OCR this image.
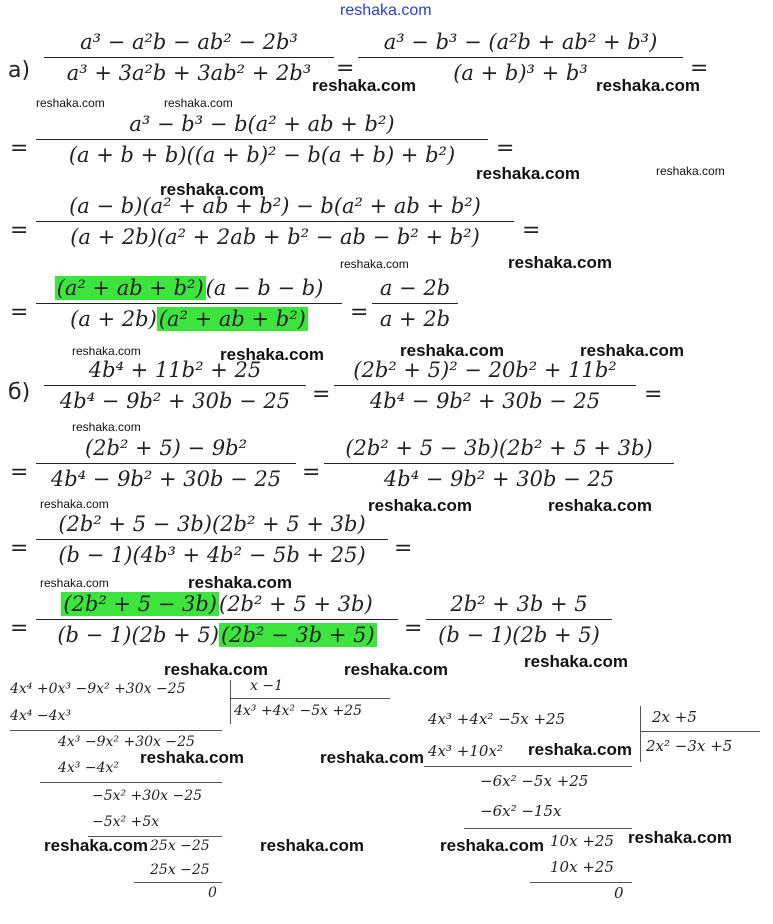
reshaka.com
а)
a³ − a²b − ab² − 2b³
a³ + 3a²b + 3ab² + 2b³	=
a³ − b³ − (a²b + ab² + b³)
(a + b)³ + b³	=
=
a³ − b³ − b(a² + ab + b²)
(a + b + b)((a + b)² − b(a + b) + b²)	=
=
(a − b)(a² + ab + b²) − b(a² + ab + b²)
(a + 2b)(a² + 2ab + b² − ab − b² + b²)	=
=
(a² + ab + b²)(a − b − b)
(a + 2b)(a² + ab + b²)	=
a − 2b
a + 2b
б)
4b⁴ + 11b² + 25
4b⁴ − 9b² + 30b − 25 =
(2b² + 5)² − 20b² + 11b²
4b⁴ − 9b² + 30b − 25	=
=
(2b² + 5) − 9b²
4b⁴ − 9b² + 30b − 25 =
(2b² + 5 − 3b)(2b² + 5 + 3b)
4b⁴ − 9b² + 30b − 25
=
(2b² + 5 − 3b)(2b² + 5 + 3b)
(b − 1)(4b³ + 4b² − 5b + 25)	=
=
(2b² + 5 − 3b)(2b² + 5 + 3b)
(b − 1)(2b + 5)(2b² − 3b + 5)	=
2b² + 3b + 5
(b − 1)(2b + 5)
4x⁴ +0x³ −9x² +30x −25	x −1
4x³ +4x² −5x +25
4x⁴ −4x³
4x³ −9x² +30x −25
4x³ −4x²
−5x² +30x −25
−5x² +5x
25x −25
25x −25
0
4x³ +4x² −5x +25	2x +5
2x² −3x +5
4x³ +10x²
−6x² −5x +25
−6x² −15x
10x +25
10x +25
0
reshaka.com	reshaka.com
reshaka.com	reshaka.com
reshaka.com	reshaka.com
reshaka.com
reshaka.com	reshaka.com
reshaka.com	reshaka.com	reshaka.com	reshaka.com
reshaka.com
reshaka.com	reshaka.com	reshaka.com
reshaka.com	reshaka.com
reshaka.com
reshaka.com	reshaka.com
reshaka.com
reshaka.com	reshaka.com
reshaka.com
reshaka.com	reshaka.com	reshaka.com
